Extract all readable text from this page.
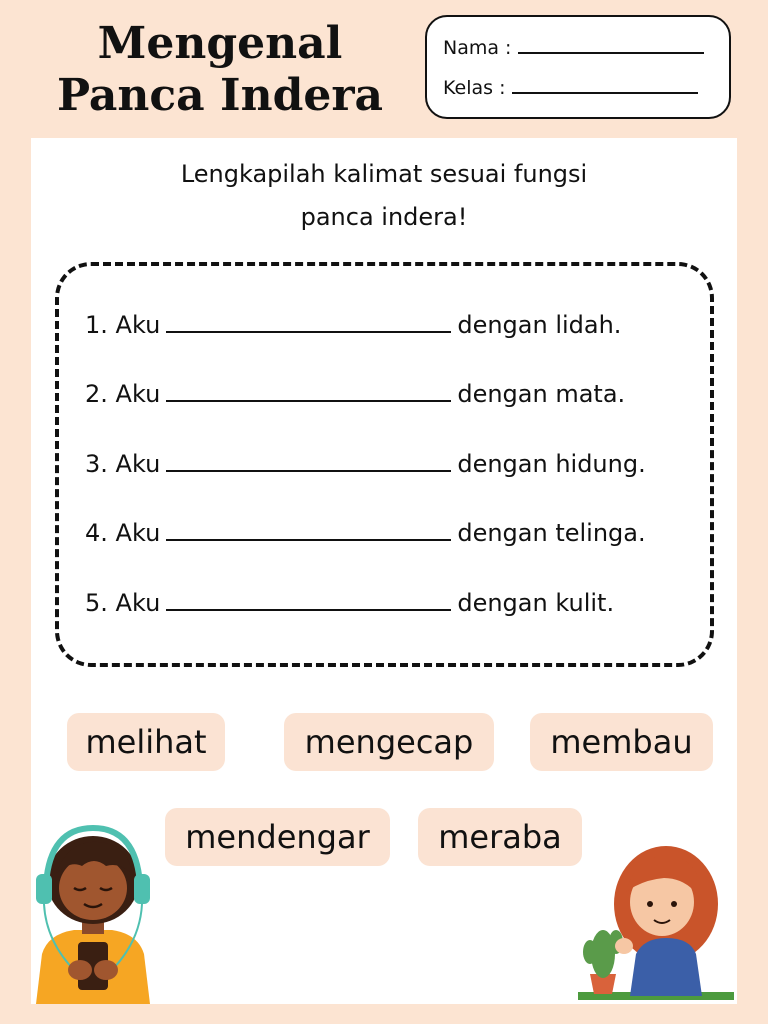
Mengenal
Panca Indera
Nama :
Kelas :
Lengkapilah kalimat sesuai fungsi
panca indera!
1. Aku	dengan lidah.
2. Aku	dengan mata.
3. Aku	dengan hidung.
4. Aku	dengan telinga.
5. Aku	dengan kulit.
melihat	mengecap	membau
mendengar	meraba
